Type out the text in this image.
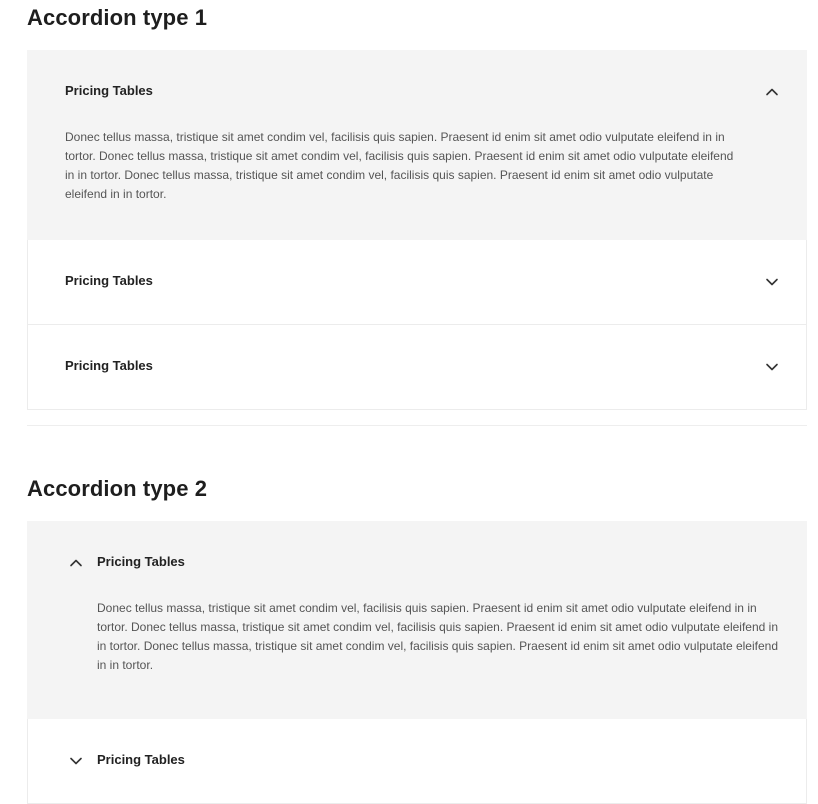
Accordion type 1
Pricing Tables
Donec tellus massa, tristique sit amet condim vel, facilisis quis sapien. Praesent id enim sit amet odio vulputate eleifend in in tortor. Donec tellus massa, tristique sit amet condim vel, facilisis quis sapien. Praesent id enim sit amet odio vulputate eleifend in in tortor. Donec tellus massa, tristique sit amet condim vel, facilisis quis sapien. Praesent id enim sit amet odio vulputate eleifend in in tortor.
Pricing Tables
Pricing Tables
Accordion type 2
Pricing Tables
Donec tellus massa, tristique sit amet condim vel, facilisis quis sapien. Praesent id enim sit amet odio vulputate eleifend in in tortor. Donec tellus massa, tristique sit amet condim vel, facilisis quis sapien. Praesent id enim sit amet odio vulputate eleifend in in tortor. Donec tellus massa, tristique sit amet condim vel, facilisis quis sapien. Praesent id enim sit amet odio vulputate eleifend in in tortor.
Pricing Tables
